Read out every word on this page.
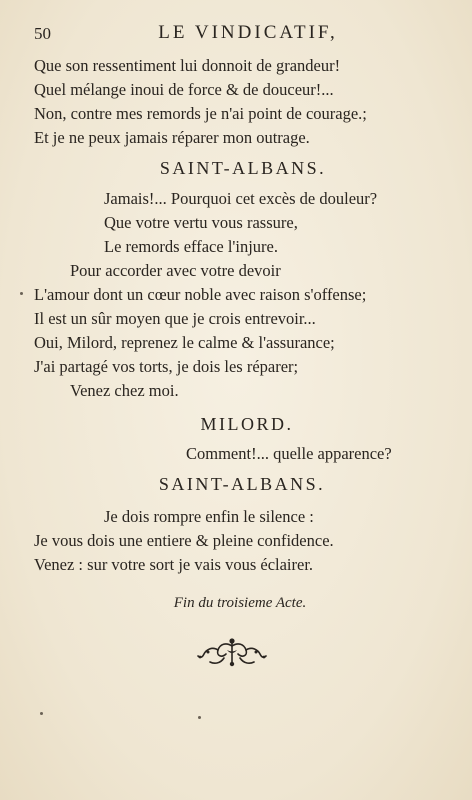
50	LE VINDICATIF,
Que son ressentiment lui donnoit de grandeur!
Quel mélange inoui de force & de douceur!...
Non, contre mes remords je n'ai point de courage.;
Et je ne peux jamais réparer mon outrage.
SAINT-ALBANS.
Jamais!... Pourquoi cet excès de douleur?
Que votre vertu vous rassure,
Le remords efface l'injure.
Pour accorder avec votre devoir
L'amour dont un cœur noble avec raison s'offense;
Il est un sûr moyen que je crois entrevoir...
Oui, Milord, reprenez le calme & l'assurance;
J'ai partagé vos torts, je dois les réparer;
Venez chez moi.
MILORD.
Comment!... quelle apparence?
SAINT-ALBANS.
Je dois rompre enfin le silence :
Je vous dois une entiere & pleine confidence.
Venez : sur votre sort je vais vous éclairer.
Fin du troisieme Acte.
